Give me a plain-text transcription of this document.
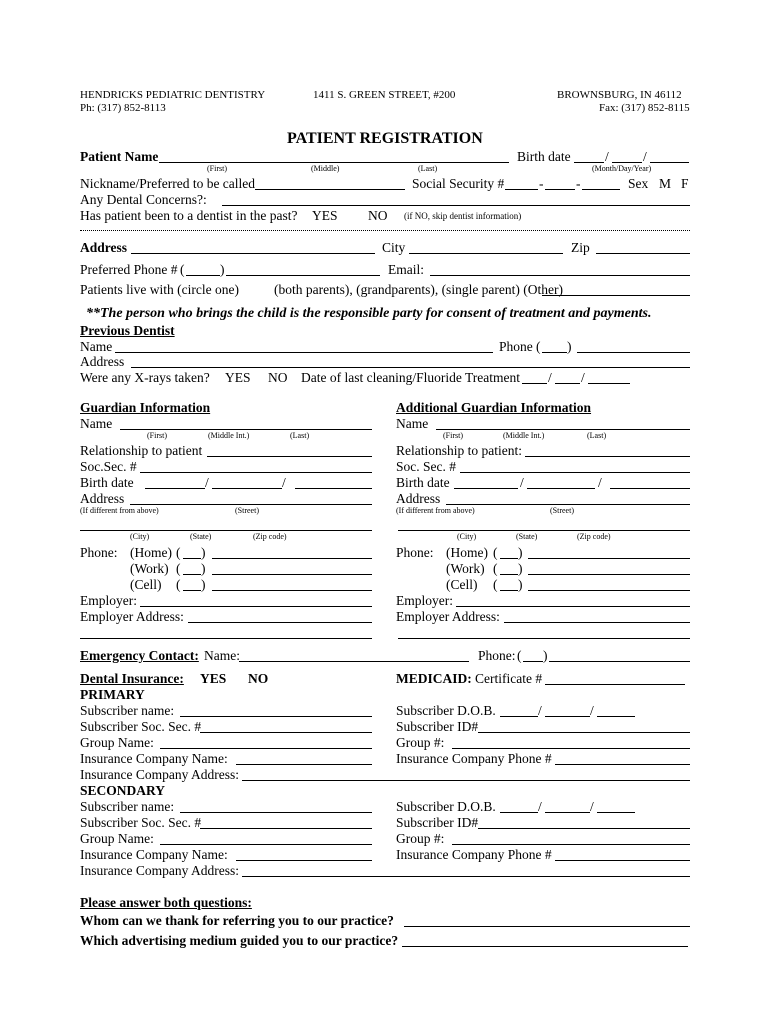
HENDRICKS PEDIATRIC DENTISTRY
Ph: (317) 852-8113
1411 S. GREEN STREET, #200	BROWNSBURG, IN 46112
Fax: (317) 852-8115
PATIENT REGISTRATION
Patient Name
(First)	(Middle)	(Last)
Birth date	/	/
(Month/Day/Year)
Nickname/Preferred to be called	Social Security #	- -	Sex M F
Any Dental Concerns?:
Has patient been to a dentist in the past? YES NO (if NO, skip dentist information)
Address	City	Zip
Preferred Phone # (	)	Email:
Patients live with (circle one)	(both parents), (grandparents), (single parent) (Other)
**The person who brings the child is the responsible party for consent of treatment and payments.
Previous Dentist
Name	Phone ( )
Address
Were any X-rays taken? YES NO Date of last cleaning/Fluoride Treatment / /
Guardian Information
Name
(First)	(Middle Int.)	(Last)
Relationship to patient
Soc.Sec. #
Birth date	/	/
Address
(If different from above)	(Street)
(City)	(State)	(Zip code)
Phone: (Home) ( )
(Work) ( )
(Cell) ( )
Employer:
Employer Address:
Additional Guardian Information
Name
(First)	(Middle Int.)	(Last)
Relationship to patient:
Soc. Sec. #
Birth date	/	/
Address
(If different from above)	(Street)
(City)	(State)	(Zip code)
Phone: (Home) ( )
(Work) ( )
(Cell) ( )
Employer:
Employer Address:
Emergency Contact: Name:	Phone: ( )
Dental Insurance: YES NO	MEDICAID: Certificate #
PRIMARY
Subscriber name:	Subscriber D.O.B.	/	/
Subscriber Soc. Sec. #	Subscriber ID#
Group Name:	Group #:
Insurance Company Name:	Insurance Company Phone #
Insurance Company Address:
SECONDARY
Subscriber name:	Subscriber D.O.B.	/	/
Subscriber Soc. Sec. #	Subscriber ID#
Group Name:	Group #:
Insurance Company Name:	Insurance Company Phone #
Insurance Company Address:
Please answer both questions:
Whom can we thank for referring you to our practice?
Which advertising medium guided you to our practice?
